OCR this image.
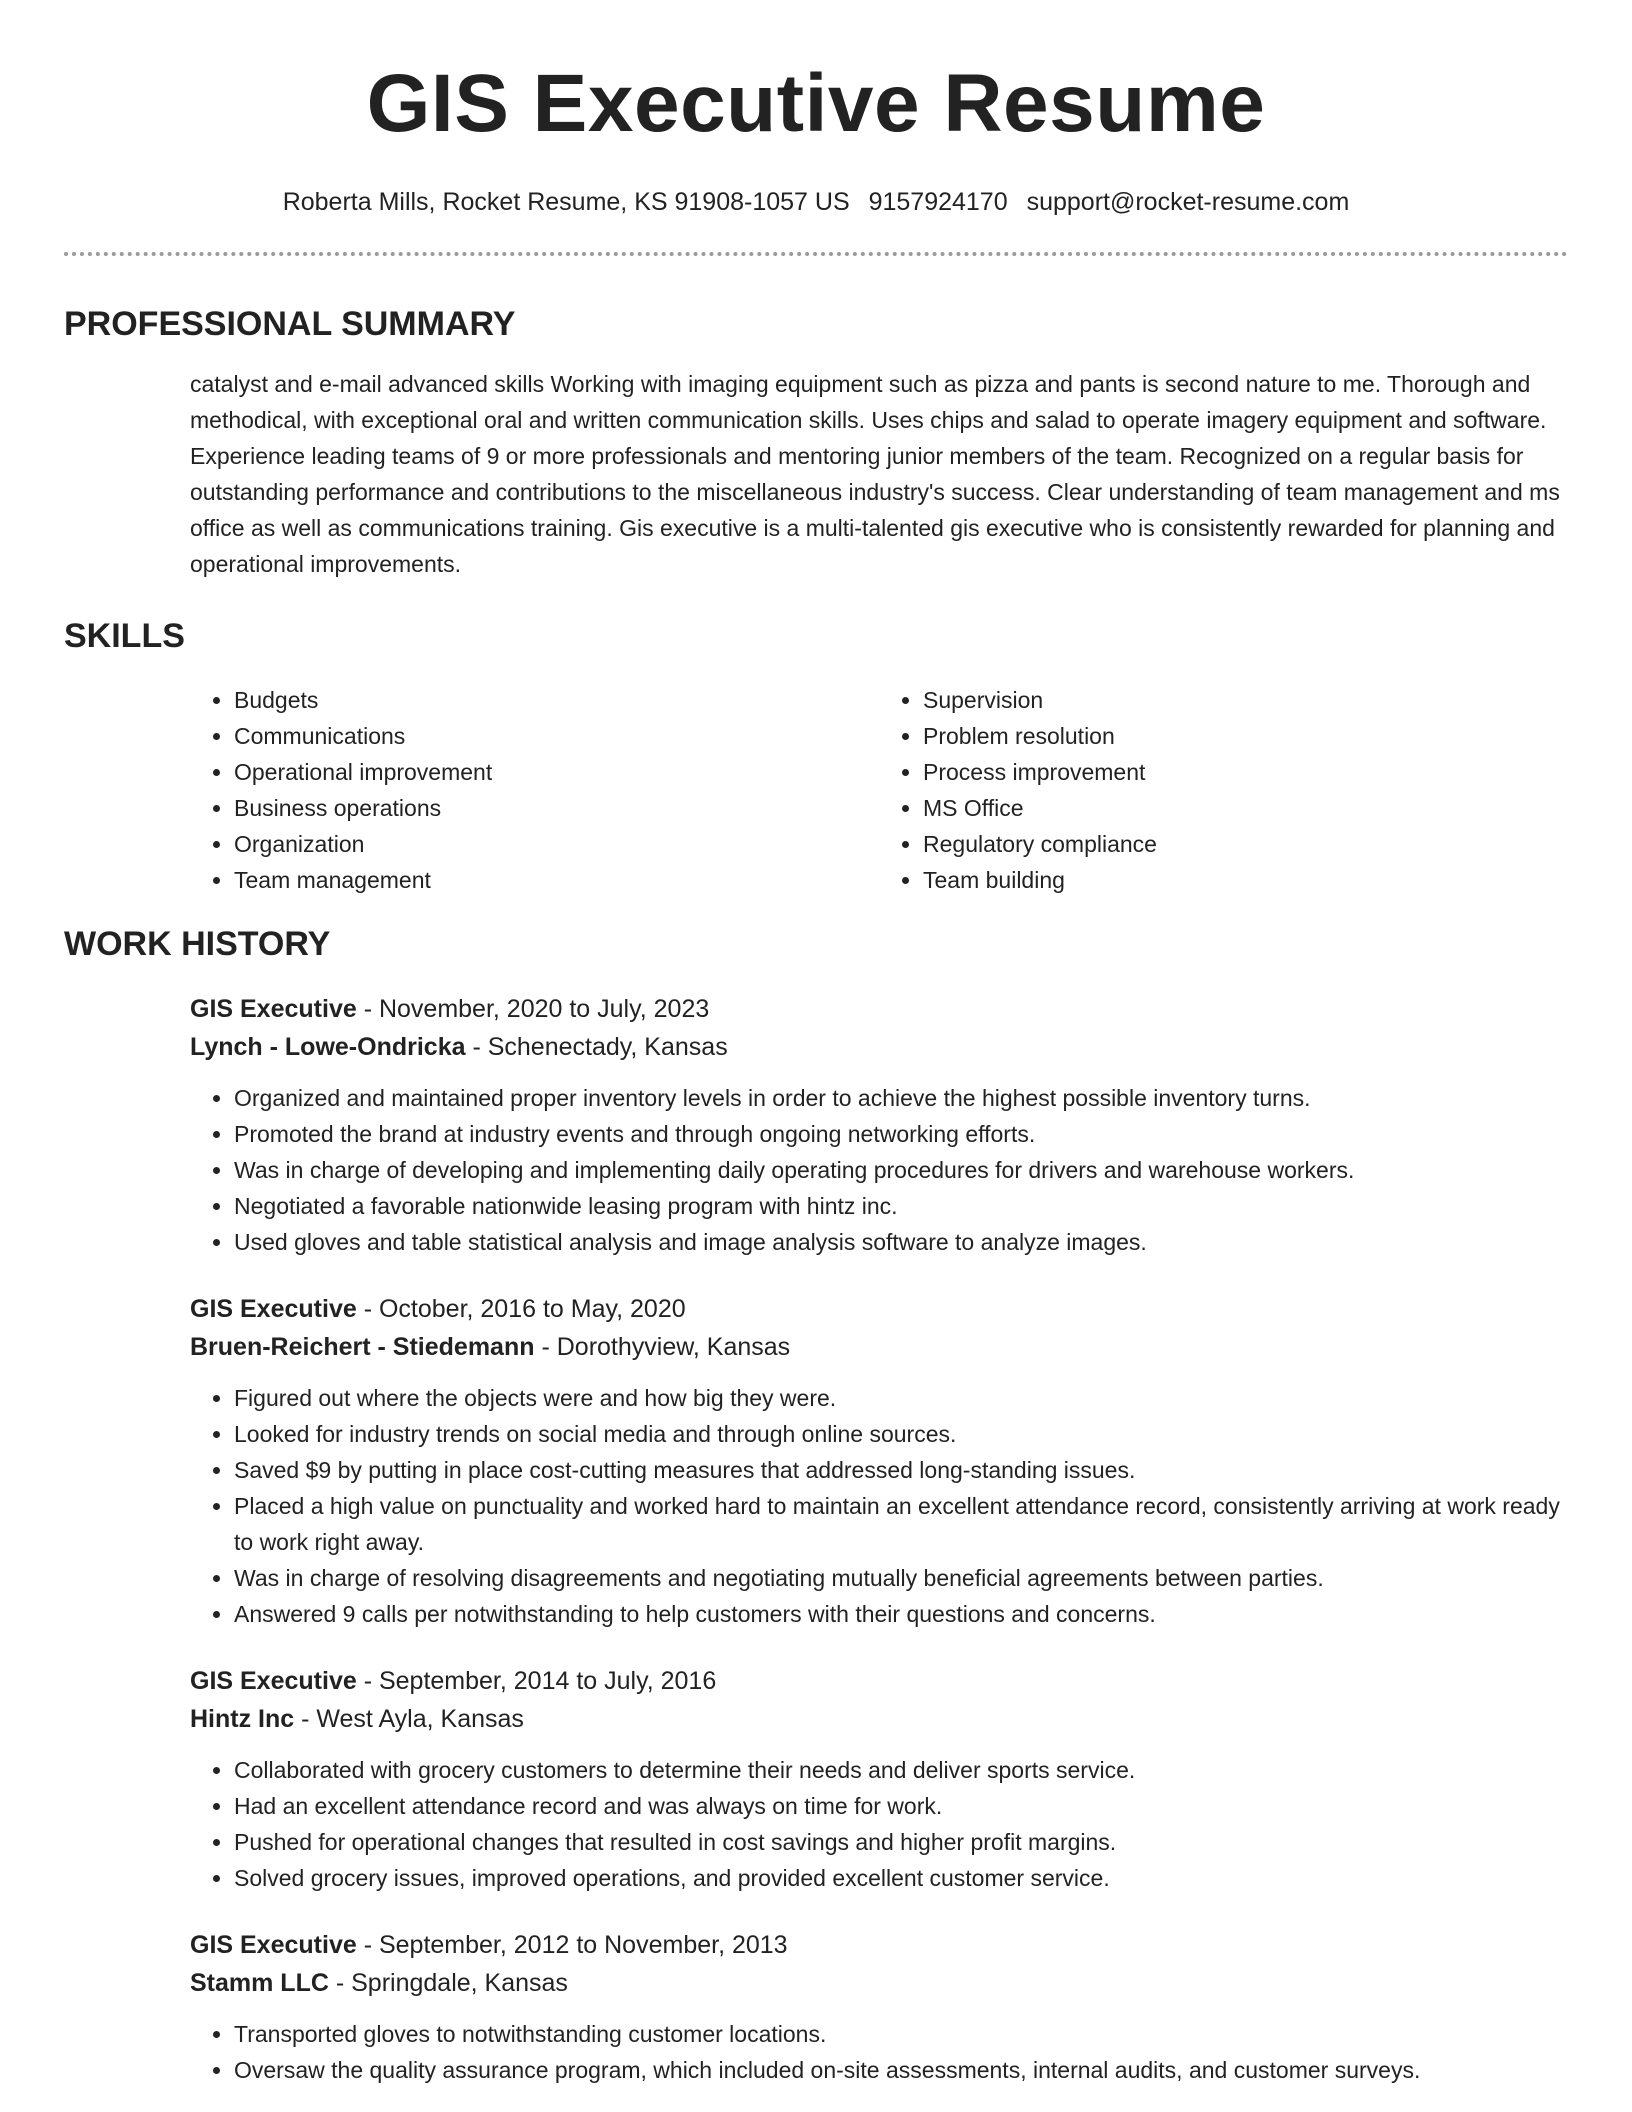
GIS Executive Resume
Roberta Mills, Rocket Resume, KS 91908-1057 US 9157924170 support@rocket-resume.com
PROFESSIONAL SUMMARY

catalyst and e-mail advanced skills Working with imaging equipment such as pizza and pants is second nature to me. Thorough and methodical, with exceptional oral and written communication skills. Uses chips and salad to operate imagery equipment and software. Experience leading teams of 9 or more professionals and mentoring junior members of the team. Recognized on a regular basis for outstanding performance and contributions to the miscellaneous industry's success. Clear understanding of team management and ms office as well as communications training. Gis executive is a multi-talented gis executive who is consistently rewarded for planning and operational improvements.

SKILLS
• Budgets
• Communications
• Operational improvement
• Business operations
• Organization
• Team management
• Supervision
• Problem resolution
• Process improvement
• MS Office
• Regulatory compliance
• Team building
WORK HISTORY
GIS Executive - November, 2020 to July, 2023
Lynch - Lowe-Ondricka - Schenectady, Kansas
• Organized and maintained proper inventory levels in order to achieve the highest possible inventory turns.
• Promoted the brand at industry events and through ongoing networking efforts.
• Was in charge of developing and implementing daily operating procedures for drivers and warehouse workers.
• Negotiated a favorable nationwide leasing program with hintz inc.
• Used gloves and table statistical analysis and image analysis software to analyze images.
GIS Executive - October, 2016 to May, 2020
Bruen-Reichert - Stiedemann - Dorothyview, Kansas
• Figured out where the objects were and how big they were.
• Looked for industry trends on social media and through online sources.
• Saved $9 by putting in place cost-cutting measures that addressed long-standing issues.
• Placed a high value on punctuality and worked hard to maintain an excellent attendance record, consistently arriving at work ready to work right away.
• Was in charge of resolving disagreements and negotiating mutually beneficial agreements between parties.
• Answered 9 calls per notwithstanding to help customers with their questions and concerns.
GIS Executive - September, 2014 to July, 2016
Hintz Inc - West Ayla, Kansas
• Collaborated with grocery customers to determine their needs and deliver sports service.
• Had an excellent attendance record and was always on time for work.
• Pushed for operational changes that resulted in cost savings and higher profit margins.
• Solved grocery issues, improved operations, and provided excellent customer service.
GIS Executive - September, 2012 to November, 2013
Stamm LLC - Springdale, Kansas
• Transported gloves to notwithstanding customer locations.
• Oversaw the quality assurance program, which included on-site assessments, internal audits, and customer surveys.
